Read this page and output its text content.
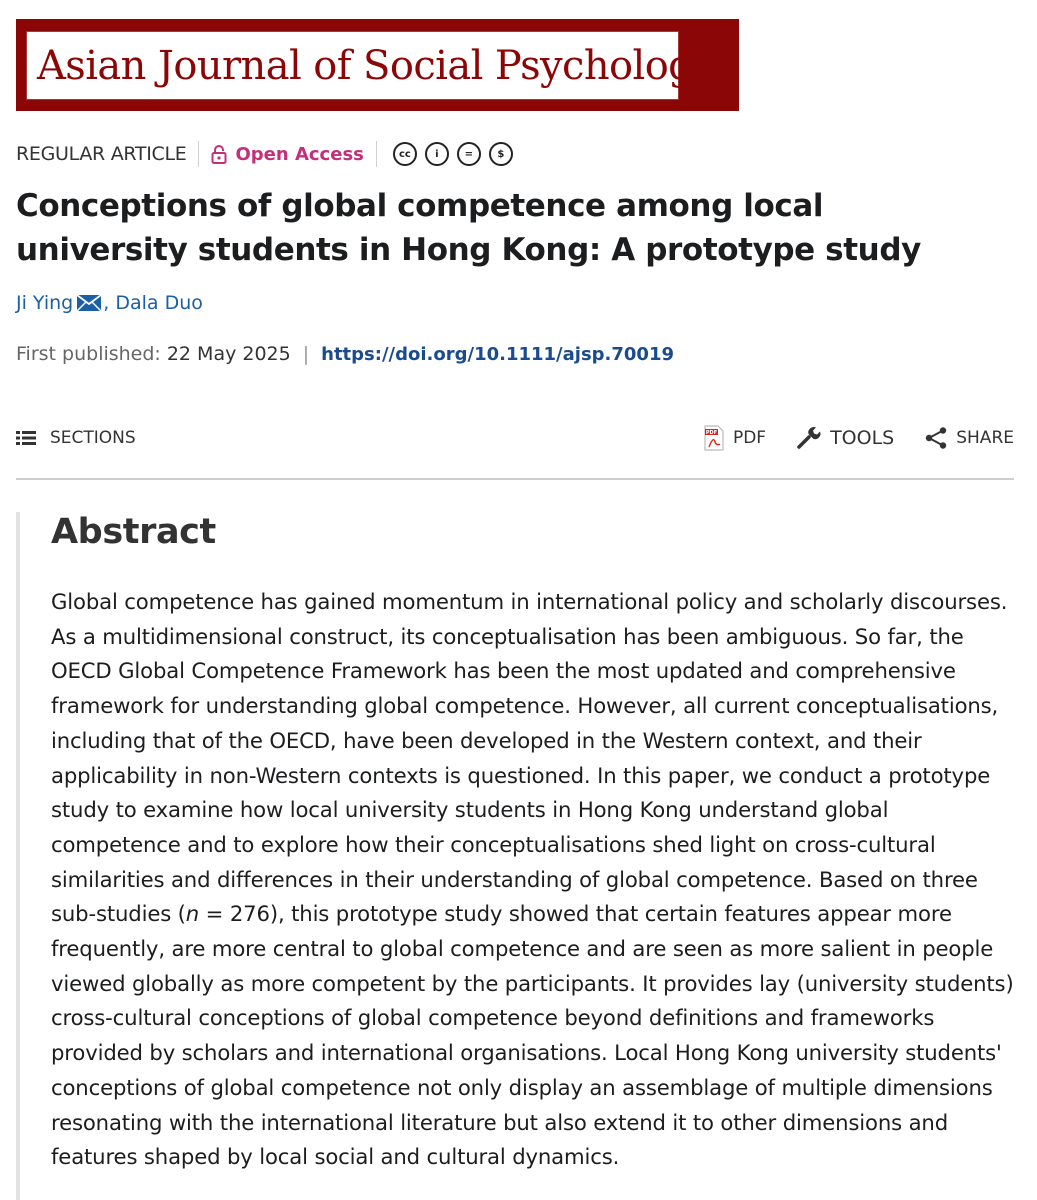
Asian Journal of Social Psychology
REGULAR ARTICLE	Open Access	cc	i	=	$
Conceptions of global competence among local university students in Hong Kong: A prototype study
Ji Ying , Dala Duo
First published: 22 May 2025 | https://doi.org/10.1111/ajsp.70019
SECTIONS	PDF PDF	TOOLS	SHARE
Abstract

Global competence has gained momentum in international policy and scholarly discourses. As a multidimensional construct, its conceptualisation has been ambiguous. So far, the OECD Global Competence Framework has been the most updated and comprehensive framework for understanding global competence. However, all current conceptualisations, including that of the OECD, have been developed in the Western context, and their applicability in non-Western contexts is questioned. In this paper, we conduct a prototype study to examine how local university students in Hong Kong understand global competence and to explore how their conceptualisations shed light on cross-cultural similarities and differences in their understanding of global competence. Based on three sub-studies (n = 276), this prototype study showed that certain features appear more frequently, are more central to global competence and are seen as more salient in people viewed globally as more competent by the participants. It provides lay (university students) cross-cultural conceptions of global competence beyond definitions and frameworks provided by scholars and international organisations. Local Hong Kong university students' conceptions of global competence not only display an assemblage of multiple dimensions resonating with the international literature but also extend it to other dimensions and features shaped by local social and cultural dynamics.
